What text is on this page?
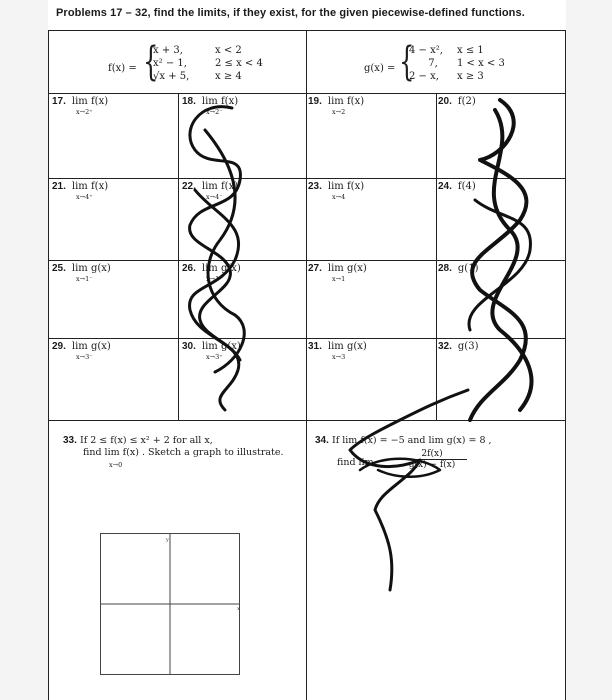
Problems 17 – 32, find the limits, if they exist, for the given piecewise-defined functions.
f(x) = {
x + 3,	x < 2
x² − 1,	2 ≤ x < 4
√x + 5,	x ≥ 4
g(x) = {
4 − x², x ≤ 1
7, 1 < x < 3
2 − x, x ≥ 3
17. lim f(x)
x→2⁺
18. lim f(x)
x→2⁻
19. lim f(x)
x→2
20. f(2)
21. lim f(x)
x→4⁺
22. lim f(x)
x→4⁻
23. lim f(x)
x→4
24. f(4)
25. lim g(x)
x→1⁻
26. lim g(x)
x→1⁺
27. lim g(x)
x→1
28. g(1)
29. lim g(x)
x→3⁻
30. lim g(x)
x→3⁺
31. lim g(x)
x→3
32. g(3)
33. If 2 ≤ f(x) ≤ x² + 2 for all x,
find lim f(x) . Sketch a graph to illustrate.
x→0
y
x
34. If lim f(x) = −5 and lim g(x) = 8 ,
find lim	$\frac{2f(x)}{g(x) - f(x)}$
